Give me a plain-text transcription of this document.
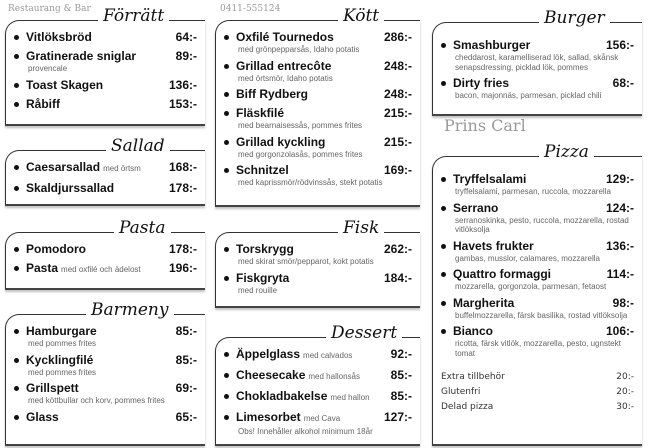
Prins Carl
Restaurang & Bar	0411-555124
Förrätt
Vitlöksbröd	64:-
Gratinerade sniglar	89:-
provencale
Toast Skagen	136:-
Råbiff	153:-
Sallad
Caesarsallad med örtsm	168:-
Skaldjurssallad	178:-
Pasta
Pomodoro	178:-
Pasta med oxfilé och ädelost	196:-
Barmeny
Hamburgare	85:-
med pommes frites
Kycklingfilé	85:-
med pommes frites
Grillspett	69:-
med köttbullar och korv, pommes frites
Glass	65:-
Kött
Oxfilé Tournedos	286:-
med grönpepparsås, Idaho potatis
Grillad entrecôte	248:-
med örtsmör, Idaho potatis
Biff Rydberg	248:-
Fläskfilé	215:-
med bearnaisessås, pommes frites
Grillad kyckling	215:-
med gorgonzolasås, pommes frites
Schnitzel	169:-
med kaprissmör/rödvinssås, stekt potatis
Fisk
Torskrygg	262:-
med skirat smör/pepparot, kokt potatis
Fiskgryta	184:-
med rouille
Dessert
Äppelglass med calvados	92:-
Cheesecake med hallonsås	85:-
Chokladbakelse med hallon	85:-
Limesorbet med Cava	127:-
Obs! Innehåller alkohol minimum 18år
Burger
Smashburger	156:-
cheddarost, karamelliserad lök, sallad, skånsk senapsdressing, picklad lök, pommes
Dirty fries	68:-
bacon, majonnäs, parmesan, picklad chili
Pizza
Tryffelsalami	129:-
tryffelsalami, parmesan, ruccola, mozzarella
Serrano	124:-
serranoskinka, pesto, ruccola, mozzarella, rostad vitlöksolja
Havets frukter	136:-
gambas, musslor, calamares, mozzarella
Quattro formaggi	114:-
mozzarella, gorgonzola, parmesan, fetaost
Margherita	98:-
buffelmozzarella, färsk basilika, rostad vitlöksolja
Bianco	106:-
ricotta, färsk vitlök, mozzarella, pesto, ugnstekt tomat
Extra tillbehör	20:-
Glutenfri	20:-
Delad pizza	30:-
